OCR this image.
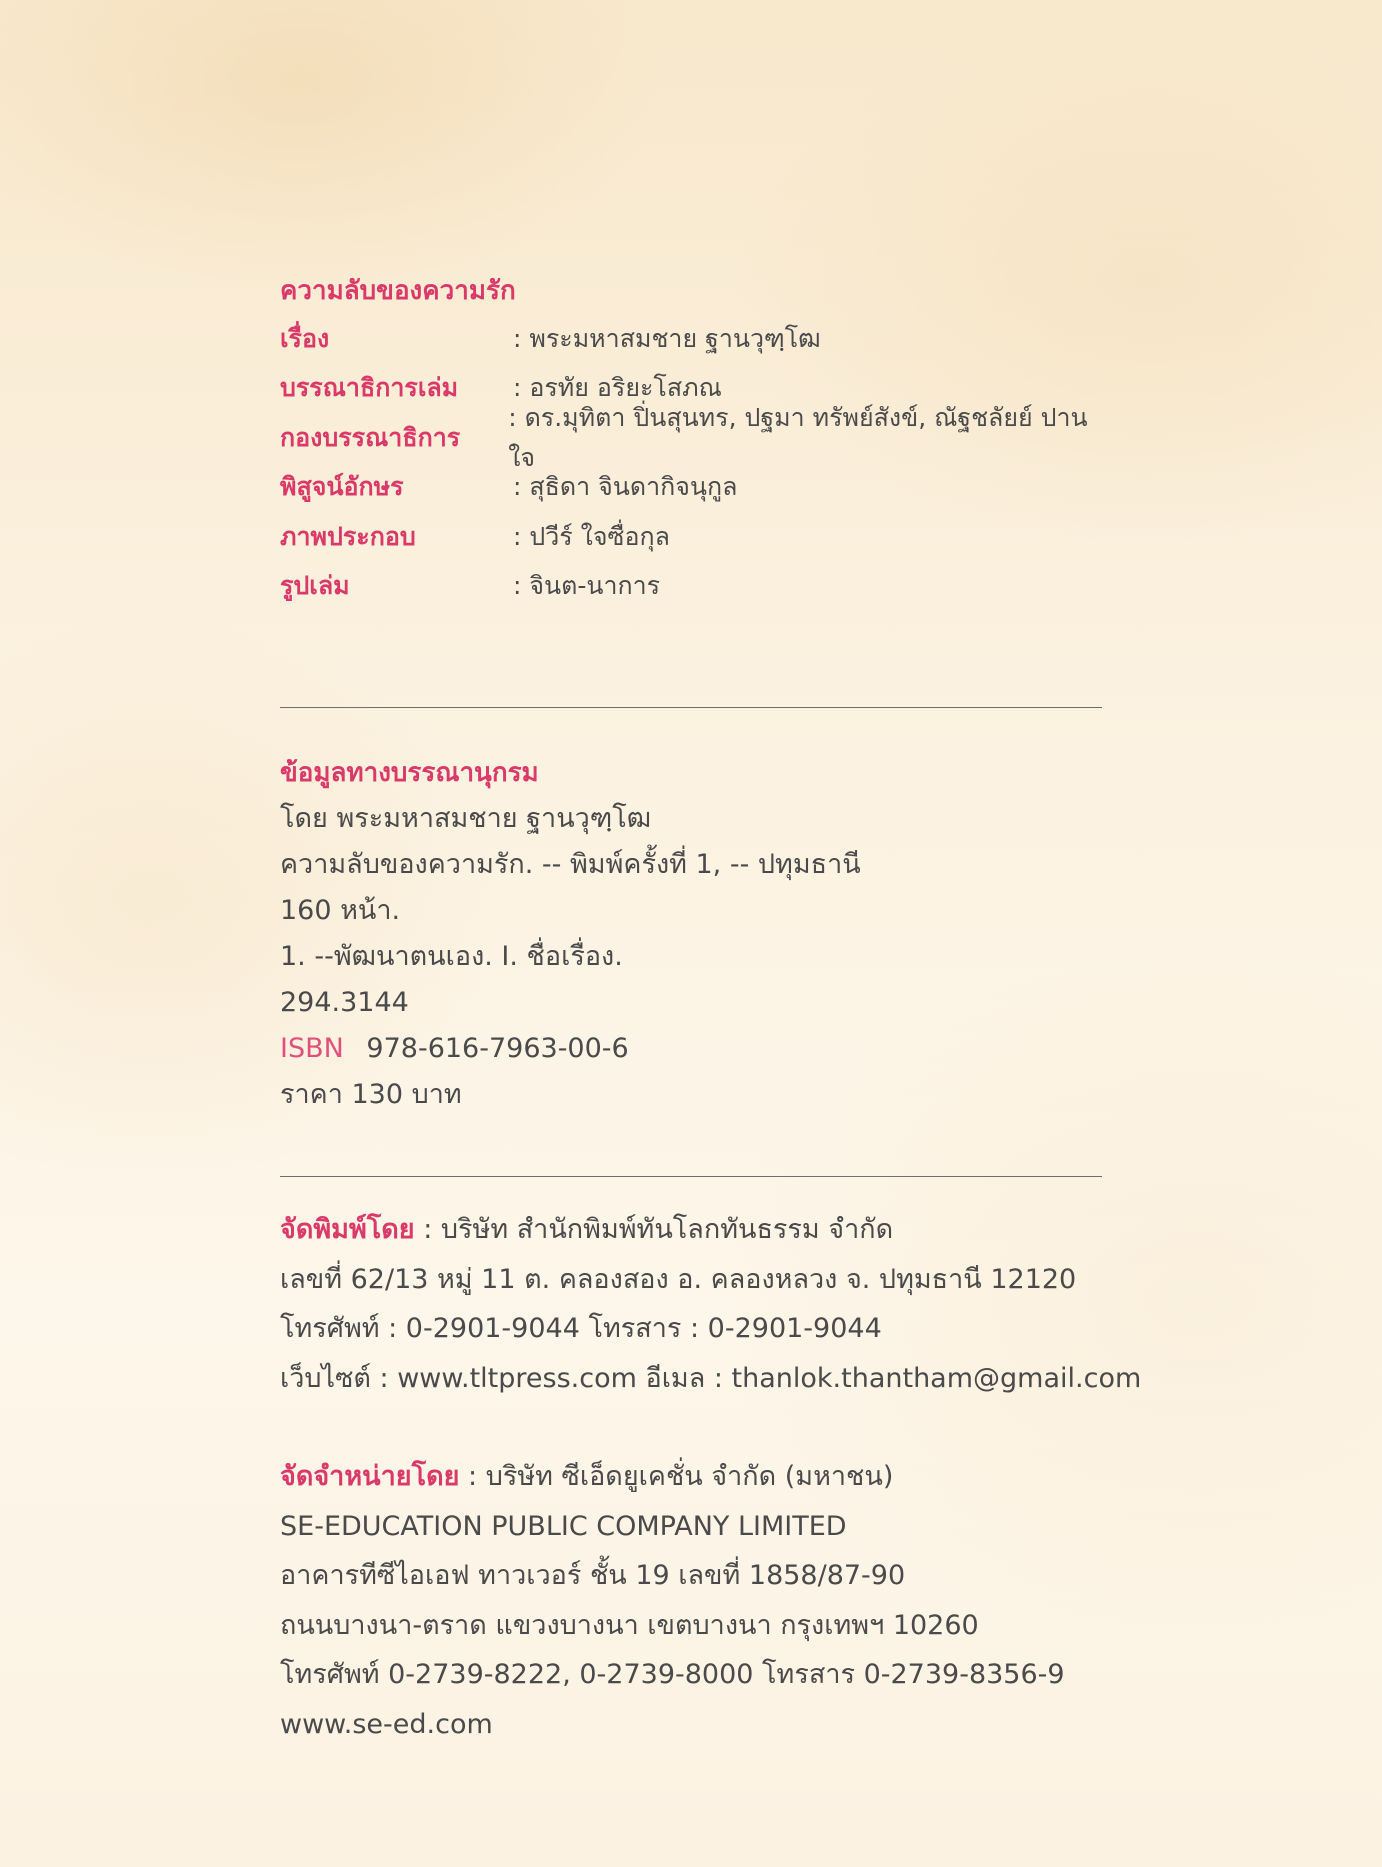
ความลับของความรัก
เรื่อง	: พระมหาสมชาย ฐานวุฑฺโฒ
บรรณาธิการเล่ม	: อรทัย อริยะโสภณ
กองบรรณาธิการ
: ดร.มุทิตา ปิ่นสุนทร, ปฐมา ทรัพย์สังข์, ณัฐชลัยย์ ปานใจ
พิสูจน์อักษร	: สุธิดา จินดากิจนุกูล
ภาพประกอบ	: ปวีร์ ใจซื่อกุล
รูปเล่ม	: จินต-นาการ
ข้อมูลทางบรรณานุกรม
โดย พระมหาสมชาย ฐานวุฑฺโฒ
ความลับของความรัก. -- พิมพ์ครั้งที่ 1, -- ปทุมธานี
160 หน้า.
1. --พัฒนาตนเอง. I. ชื่อเรื่อง.
294.3144
ISBN 978-616-7963-00-6
ราคา 130 บาท
จัดพิมพ์โดย : บริษัท สำนักพิมพ์ทันโลกทันธรรม จำกัด
เลขที่ 62/13 หมู่ 11 ต. คลองสอง อ. คลองหลวง จ. ปทุมธานี 12120
โทรศัพท์ : 0-2901-9044 โทรสาร : 0-2901-9044
เว็บไซต์ : www.tltpress.com อีเมล : thanlok.thantham@gmail.com
จัดจำหน่ายโดย : บริษัท ซีเอ็ดยูเคชั่น จำกัด (มหาชน)
SE-EDUCATION PUBLIC COMPANY LIMITED
อาคารทีซีไอเอฟ ทาวเวอร์ ชั้น 19 เลขที่ 1858/87-90
ถนนบางนา-ตราด แขวงบางนา เขตบางนา กรุงเทพฯ 10260
โทรศัพท์ 0-2739-8222, 0-2739-8000 โทรสาร 0-2739-8356-9
www.se-ed.com
